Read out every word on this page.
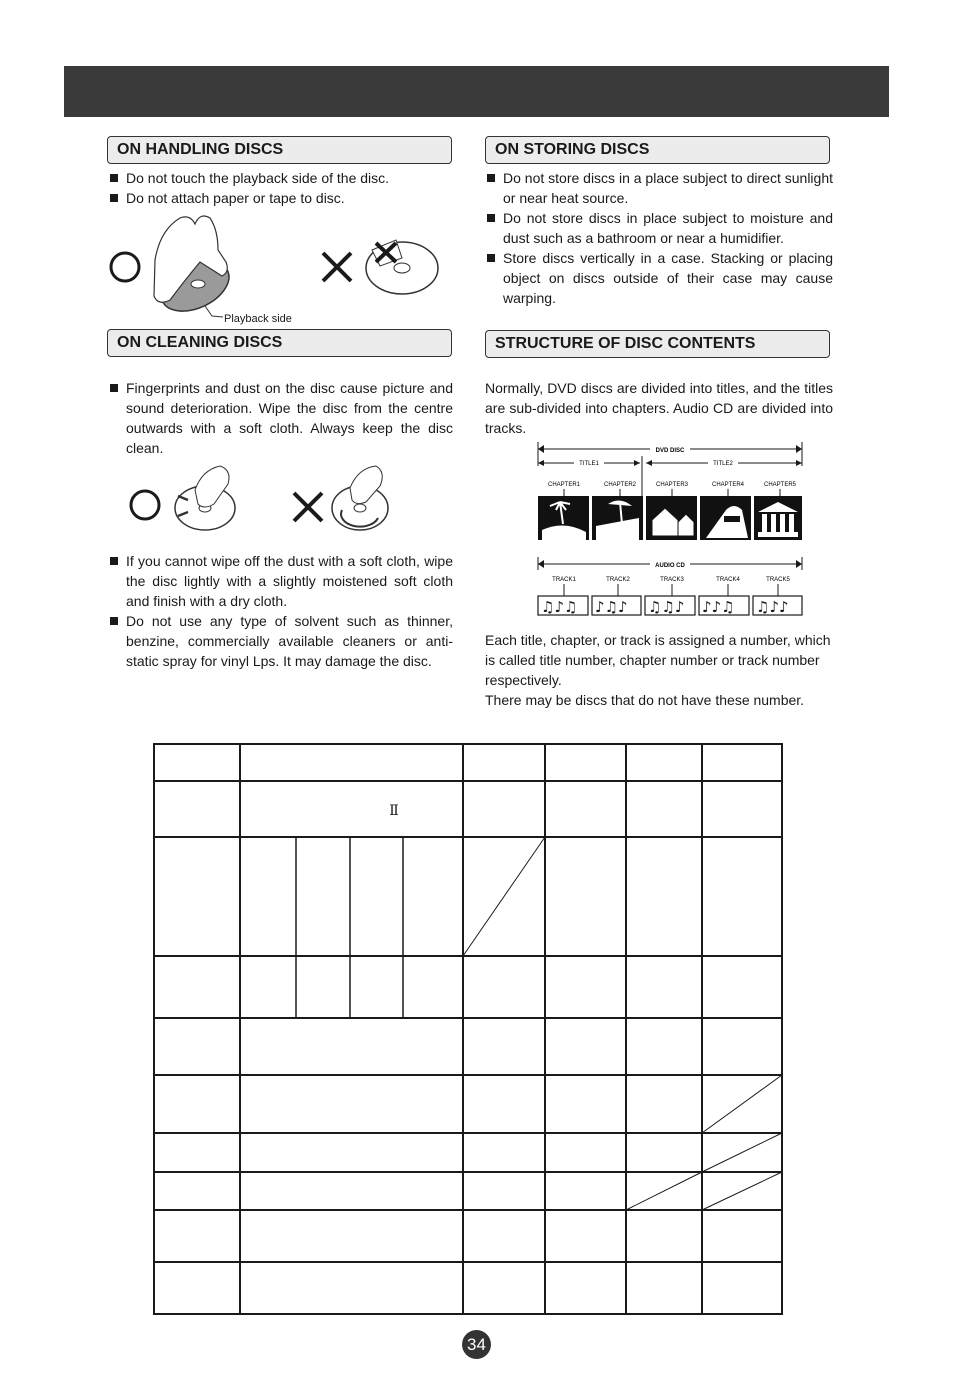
ON HANDLING DISCS
Do not touch the playback side of the disc.
Do not attach paper or tape to disc.
Playback side
ON CLEANING DISCS
Fingerprints and dust on the disc cause picture and sound deterioration. Wipe the disc from the centre outwards with a soft cloth. Always keep the disc clean.
If you cannot wipe off the dust with a soft cloth, wipe the disc lightly with a slightly moistened soft cloth and finish with a dry cloth.
Do not use any type of solvent such as thinner, benzine, commercially available cleaners or anti-static spray for vinyl Lps. It may damage the disc.
ON STORING DISCS
Do not store discs in a place subject to direct sunlight or near heat source.
Do not store discs in place subject to moisture and dust such as a bathroom or near a humidifier.
Store discs vertically in a case. Stacking or placing object on discs outside of their case may cause warping.
STRUCTURE OF DISC CONTENTS

Normally, DVD discs are divided into titles, and the titles are sub-divided into chapters. Audio CD are divided into tracks.

DVD DISC
TITLE1	TITLE2
CHAPTER1	CHAPTER2	CHAPTER3	CHAPTER4	CHAPTER5
AUDIO CD
TRACK1	TRACK2	TRACK3	TRACK4	TRACK5
♫♪♫ ♪♫♪ ♫♫♪ ♪♪♫ ♫♪♪

Each title, chapter, or track is assigned a number, which is called title number, chapter number or track number respectively.

There may be discs that do not have these number.

Ⅱ
34
